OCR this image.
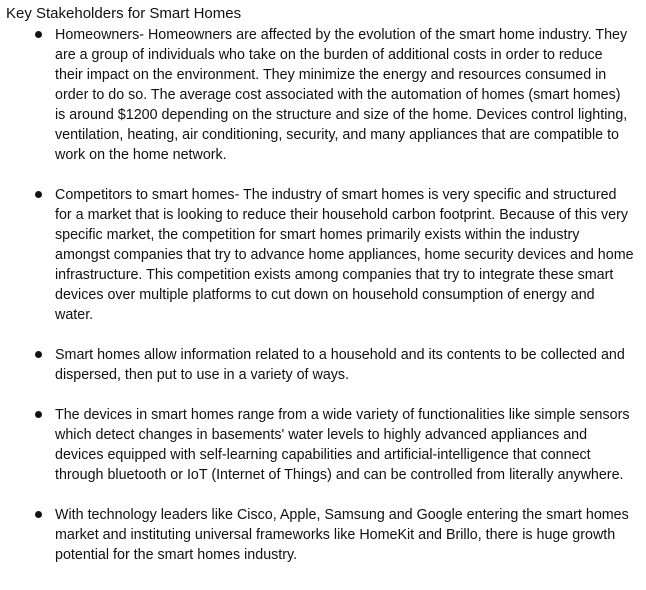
Key Stakeholders for Smart Homes
Homeowners- Homeowners are affected by the evolution of the smart home industry. They are a group of individuals who take on the burden of additional costs in order to reduce their impact on the environment. They minimize the energy and resources consumed in order to do so. The average cost associated with the automation of homes (smart homes) is around $1200 depending on the structure and size of the home. Devices control lighting, ventilation, heating, air conditioning, security, and many appliances that are compatible to work on the home network.
Competitors to smart homes- The industry of smart homes is very specific and structured for a market that is looking to reduce their household carbon footprint. Because of this very specific market, the competition for smart homes primarily exists within the industry amongst companies that try to advance home appliances, home security devices and home infrastructure. This competition exists among companies that try to integrate these smart devices over multiple platforms to cut down on household consumption of energy and water.
Smart homes allow information related to a household and its contents to be collected and dispersed, then put to use in a variety of ways.
The devices in smart homes range from a wide variety of functionalities like simple sensors which detect changes in basements' water levels to highly advanced appliances and devices equipped with self-learning capabilities and artificial-intelligence that connect through bluetooth or IoT (Internet of Things) and can be controlled from literally anywhere.
With technology leaders like Cisco, Apple, Samsung and Google entering the smart homes market and instituting universal frameworks like HomeKit and Brillo, there is huge growth potential for the smart homes industry.
